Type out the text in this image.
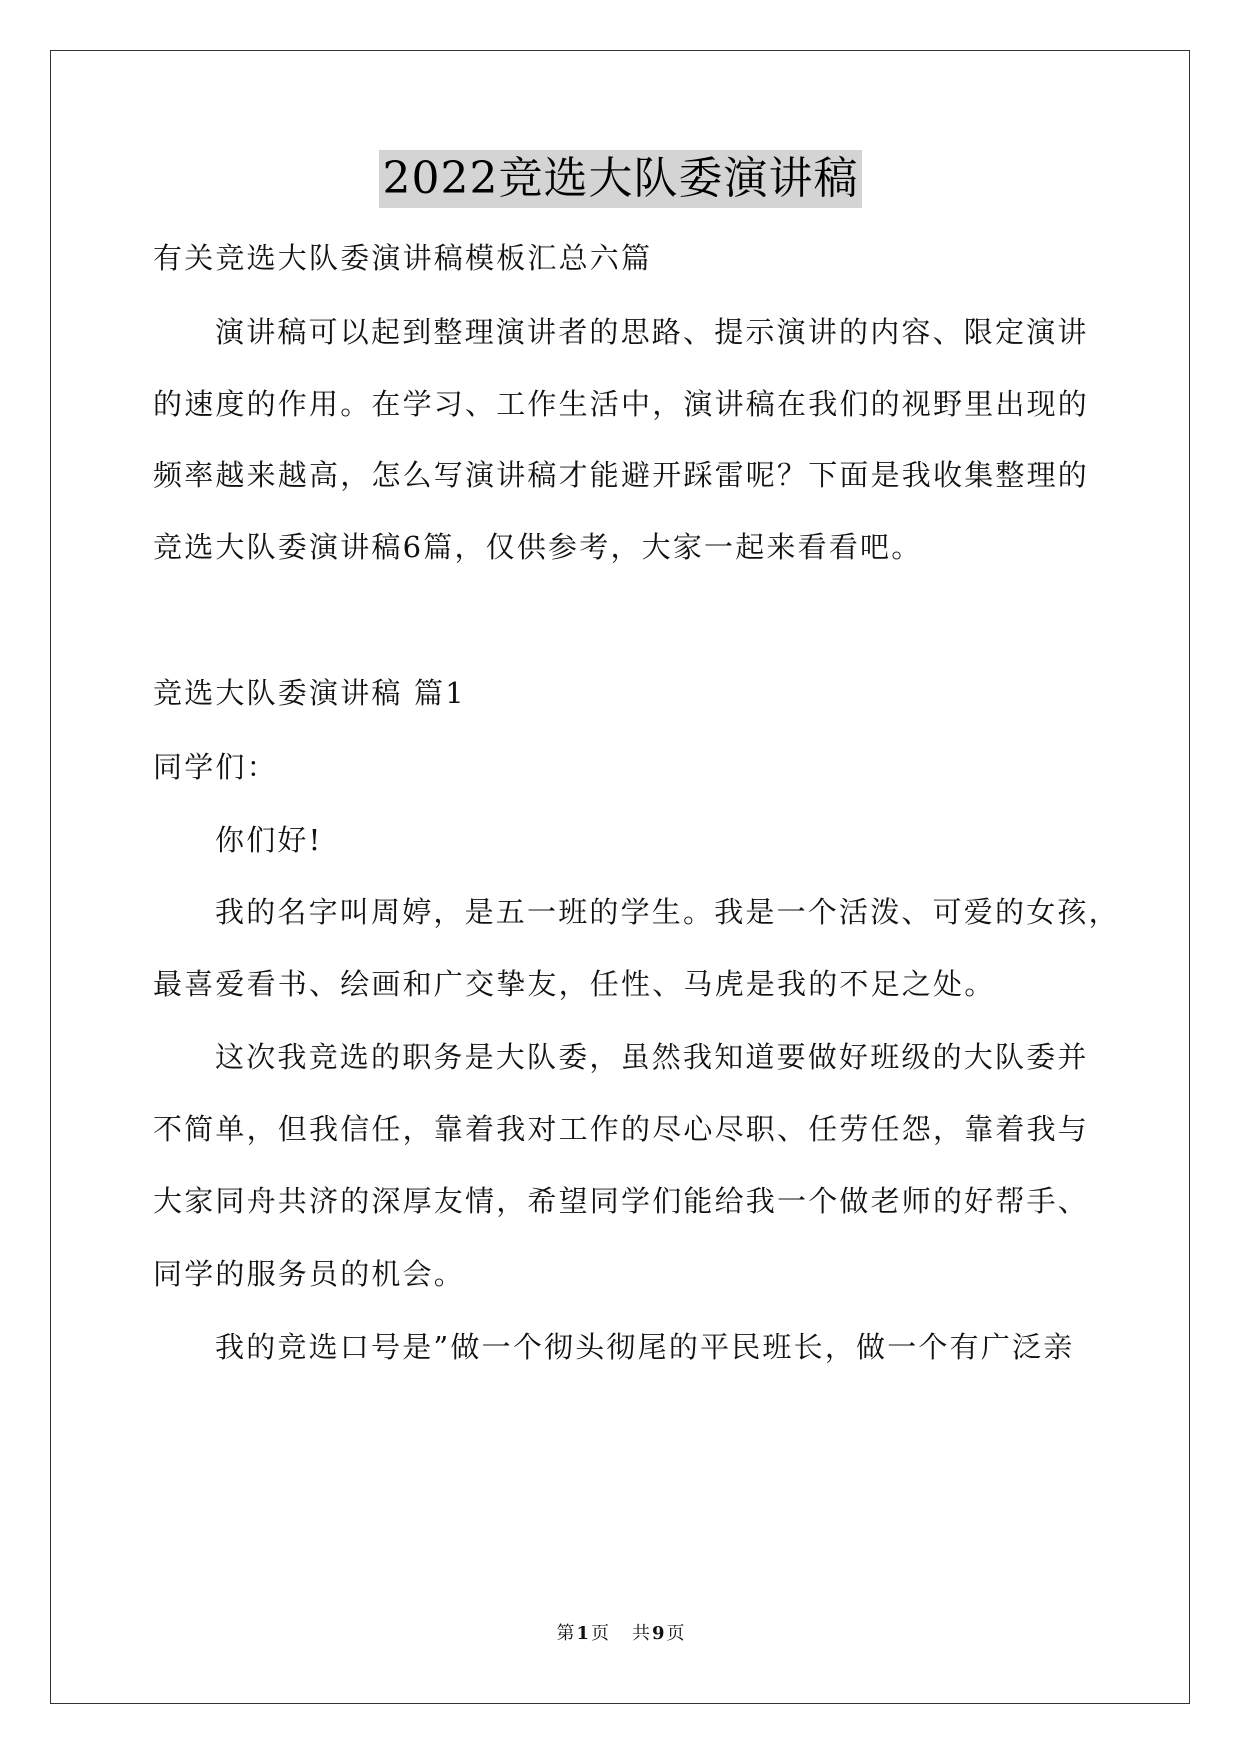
2022竞选大队委演讲稿
有关竞选大队委演讲稿模板汇总六篇
演讲稿可以起到整理演讲者的思路、提示演讲的内容、限定演讲
的速度的作用。在学习、工作生活中，演讲稿在我们的视野里出现的
频率越来越高，怎么写演讲稿才能避开踩雷呢？下面是我收集整理的
竞选大队委演讲稿6篇，仅供参考，大家一起来看看吧。
竞选大队委演讲稿 篇1
同学们：
你们好!
我的名字叫周婷，是五一班的学生。我是一个活泼、可爱的女孩，
最喜爱看书、绘画和广交挚友，任性、马虎是我的不足之处。
这次我竞选的职务是大队委，虽然我知道要做好班级的大队委并
不简单，但我信任，靠着我对工作的尽心尽职、任劳任怨，靠着我与
大家同舟共济的深厚友情，希望同学们能给我一个做老师的好帮手、
同学的服务员的机会。
我的竞选口号是”做一个彻头彻尾的平民班长，做一个有广泛亲
第 1 页 共 9 页
